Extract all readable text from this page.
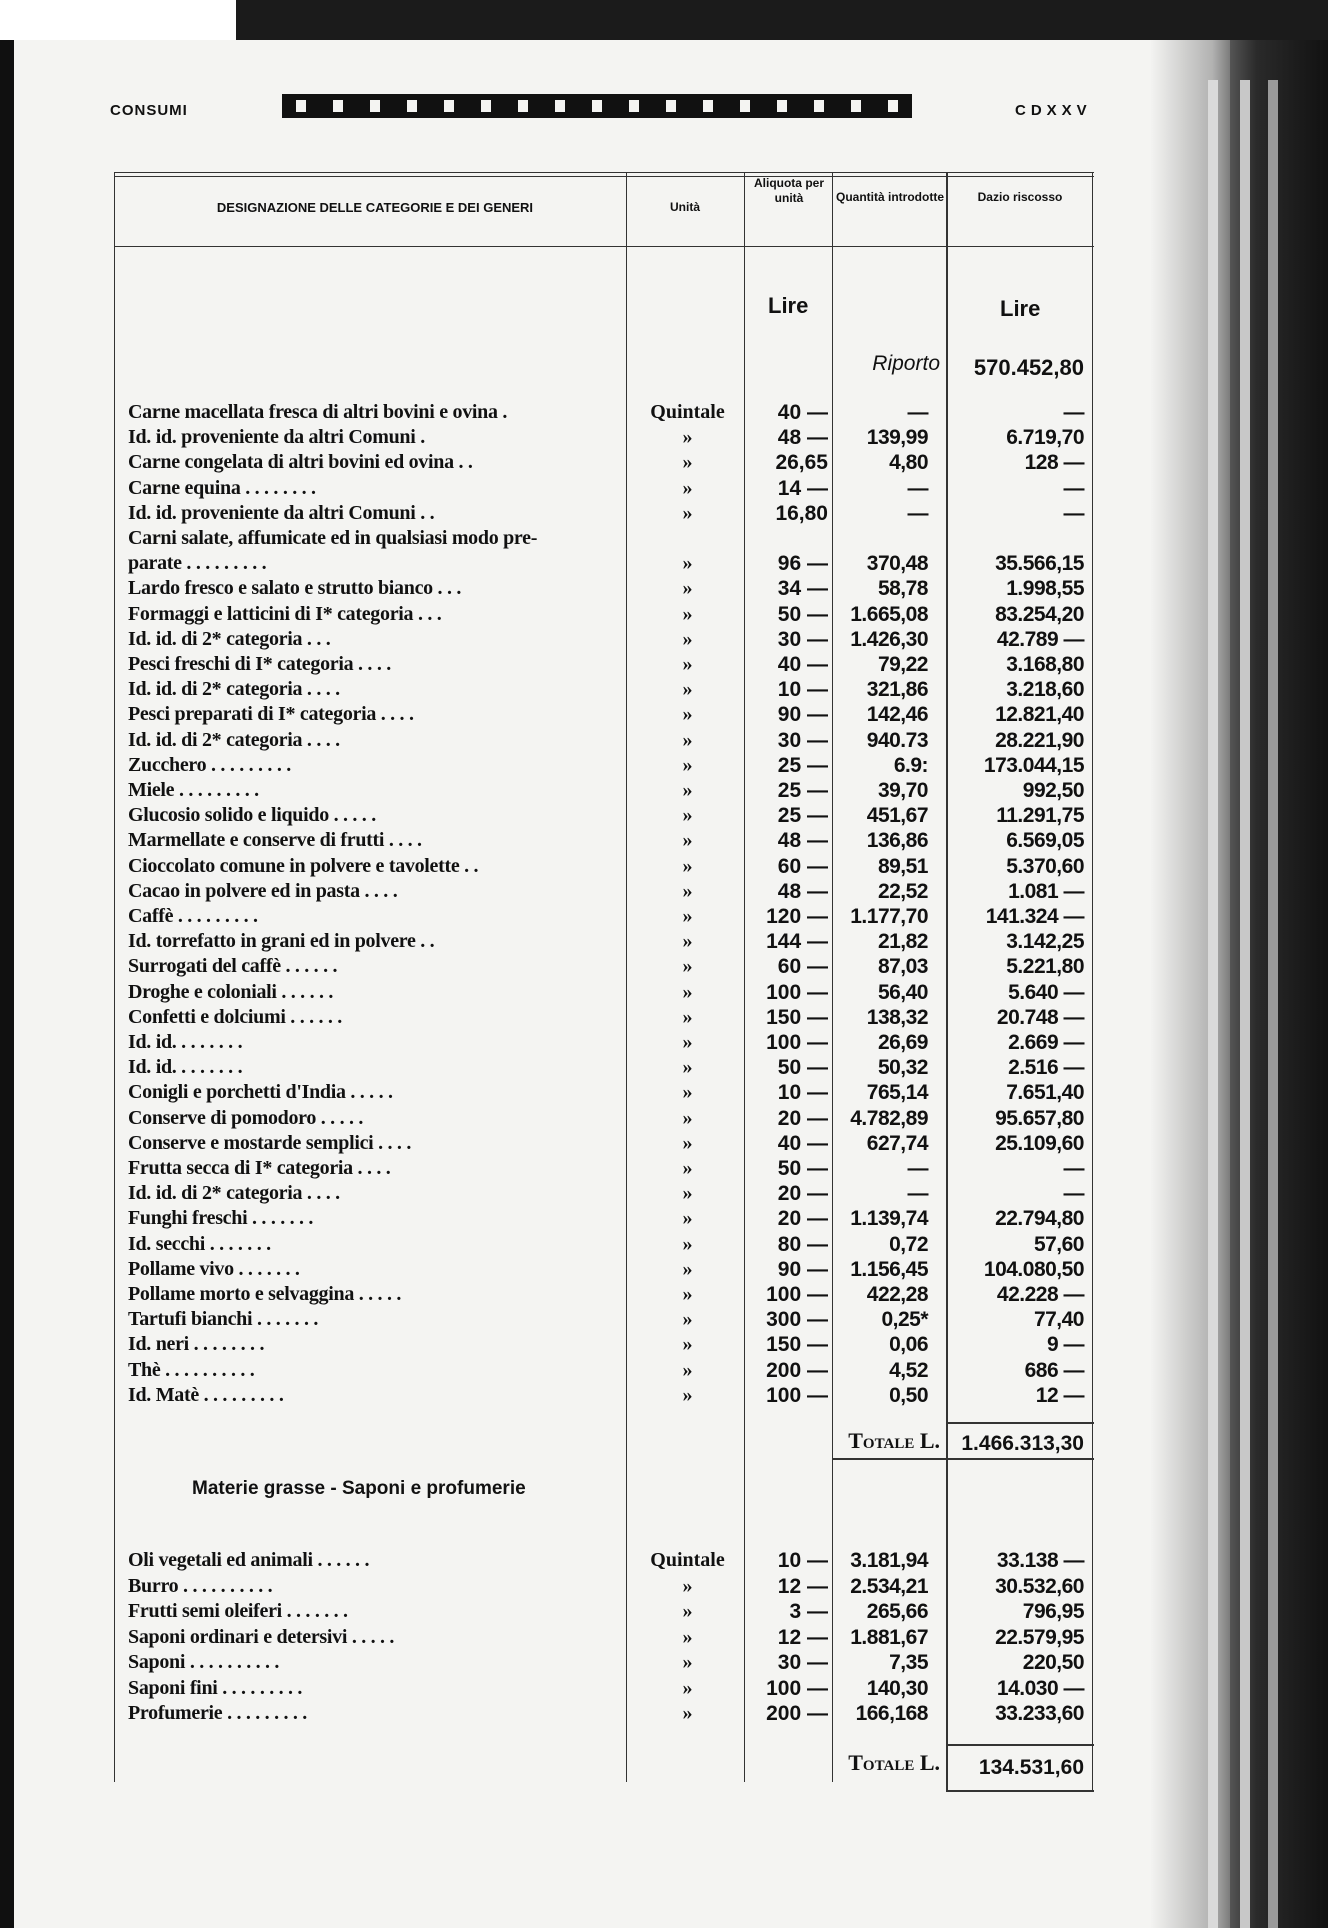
CONSUMI	CDXXV
DESIGNAZIONE DELLE CATEGORIE E DEI GENERI	Unità
Aliquota per unità	Quantità introdotte	Dazio riscosso
Lire	Lire
Riporto	570.452,80
Carne macellata fresca di altri bovini e ovina .	Quintale	40 —	—	—
Id. id. proveniente da altri Comuni .	»	48 —	139,99	6.719,70
Carne congelata di altri bovini ed ovina . .	»	26,65	4,80	128 —
Carne equina . . . . . . . .	»	14 —	—	—
Id. id. proveniente da altri Comuni . .	»	16,80	—	—
Carni salate, affumicate ed in qualsiasi modo pre-
parate . . . . . . . . .	»	96 —	370,48	35.566,15
Lardo fresco e salato e strutto bianco . . .	»	34 —	58,78	1.998,55
Formaggi e latticini di I* categoria . . .	»	50 —	1.665,08	83.254,20
Id. id. di 2* categoria . . .	»	30 —	1.426,30	42.789 —
Pesci freschi di I* categoria . . . .	»	40 —	79,22	3.168,80
Id. id. di 2* categoria . . . .	»	10 —	321,86	3.218,60
Pesci preparati di I* categoria . . . .	»	90 —	142,46	12.821,40
Id. id. di 2* categoria . . . .	»	30 —	940.73	28.221,90
Zucchero . . . . . . . . .	»	25 —	6.9:	173.044,15
Miele . . . . . . . . .	»	25 —	39,70	992,50
Glucosio solido e liquido . . . . .	»	25 —	451,67	11.291,75
Marmellate e conserve di frutti . . . .	»	48 —	136,86	6.569,05
Cioccolato comune in polvere e tavolette . .	»	60 —	89,51	5.370,60
Cacao in polvere ed in pasta . . . .	»	48 —	22,52	1.081 —
Caffè . . . . . . . . .	»	120 —	1.177,70	141.324 —
Id. torrefatto in grani ed in polvere . .	»	144 —	21,82	3.142,25
Surrogati del caffè . . . . . .	»	60 —	87,03	5.221,80
Droghe e coloniali . . . . . .	»	100 —	56,40	5.640 —
Confetti e dolciumi . . . . . .	»	150 —	138,32	20.748 —
Id. id. . . . . . . .	»	100 —	26,69	2.669 —
Id. id. . . . . . . .	»	50 —	50,32	2.516 —
Conigli e porchetti d'India . . . . .	»	10 —	765,14	7.651,40
Conserve di pomodoro . . . . .	»	20 —	4.782,89	95.657,80
Conserve e mostarde semplici . . . .	»	40 —	627,74	25.109,60
Frutta secca di I* categoria . . . .	»	50 —	—	—
Id. id. di 2* categoria . . . .	»	20 —	—	—
Funghi freschi . . . . . . .	»	20 —	1.139,74	22.794,80
Id. secchi . . . . . . .	»	80 —	0,72	57,60
Pollame vivo . . . . . . .	»	90 —	1.156,45	104.080,50
Pollame morto e selvaggina . . . . .	»	100 —	422,28	42.228 —
Tartufi bianchi . . . . . . .	»	300 —	0,25*	77,40
Id. neri . . . . . . . .	»	150 —	0,06	9 —
Thè . . . . . . . . . .	»	200 —	4,52	686 —
Id. Matè . . . . . . . . .	»	100 —	0,50	12 —
Totale L.	1.466.313,30
Materie grasse - Saponi e profumerie
Oli vegetali ed animali . . . . . .	Quintale	10 —	3.181,94	33.138 —
Burro . . . . . . . . . .	»	12 —	2.534,21	30.532,60
Frutti semi oleiferi . . . . . . .	»	3 —	265,66	796,95
Saponi ordinari e detersivi . . . . .	»	12 —	1.881,67	22.579,95
Saponi . . . . . . . . . .	»	30 —	7,35	220,50
Saponi fini . . . . . . . . .	»	100 —	140,30	14.030 —
Profumerie . . . . . . . . .	»	200 —	166,168	33.233,60
Totale L.	134.531,60
